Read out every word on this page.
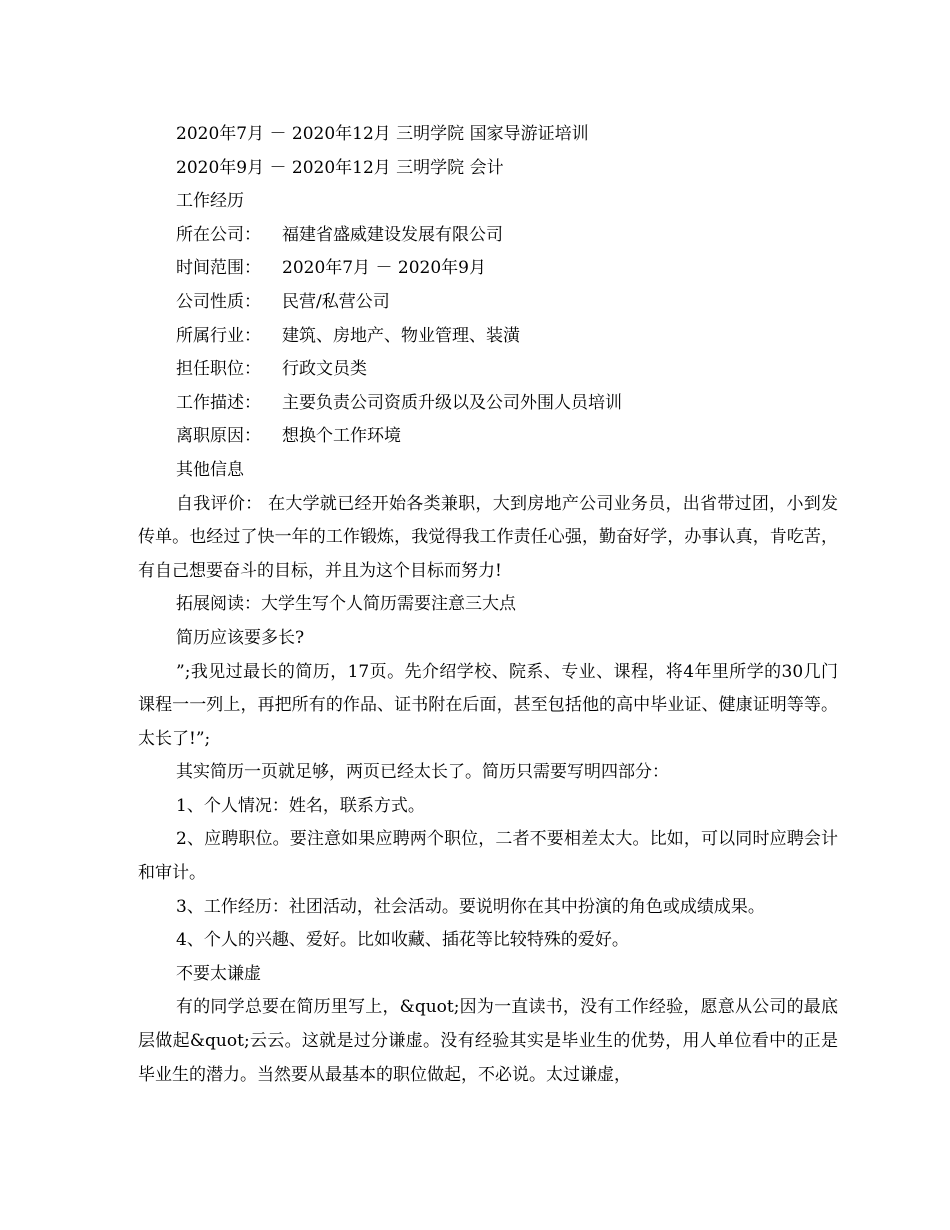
2020年7月 － 2020年12月 三明学院 国家导游证培训
2020年9月 － 2020年12月 三明学院 会计
工作经历
所在公司：	福建省盛威建设发展有限公司
时间范围：	2020年7月 － 2020年9月
公司性质：	民营/私营公司
所属行业：	建筑、房地产、物业管理、装潢
担任职位：	行政文员类
工作描述：	主要负责公司资质升级以及公司外围人员培训
离职原因：	想换个工作环境
其他信息

自我评价： 在大学就已经开始各类兼职，大到房地产公司业务员，出省带过团，小到发传单。也经过了快一年的工作锻炼，我觉得我工作责任心强，勤奋好学，办事认真，肯吃苦，有自己想要奋斗的目标，并且为这个目标而努力!

拓展阅读：大学生写个人简历需要注意三大点
简历应该要多长?

”;我见过最长的简历，17页。先介绍学校、院系、专业、课程，将4年里所学的30几门课程一一列上，再把所有的作品、证书附在后面，甚至包括他的高中毕业证、健康证明等等。太长了!”;

其实简历一页就足够，两页已经太长了。简历只需要写明四部分：

1、个人情况：姓名，联系方式。

2、应聘职位。要注意如果应聘两个职位，二者不要相差太大。比如，可以同时应聘会计和审计。

3、工作经历：社团活动，社会活动。要说明你在其中扮演的角色或成绩成果。

4、个人的兴趣、爱好。比如收藏、插花等比较特殊的爱好。

不要太谦虚

有的同学总要在简历里写上，&quot;因为一直读书，没有工作经验，愿意从公司的最底层做起&quot;云云。这就是过分谦虚。没有经验其实是毕业生的优势，用人单位看中的正是毕业生的潜力。当然要从最基本的职位做起，不必说。太过谦虚，
